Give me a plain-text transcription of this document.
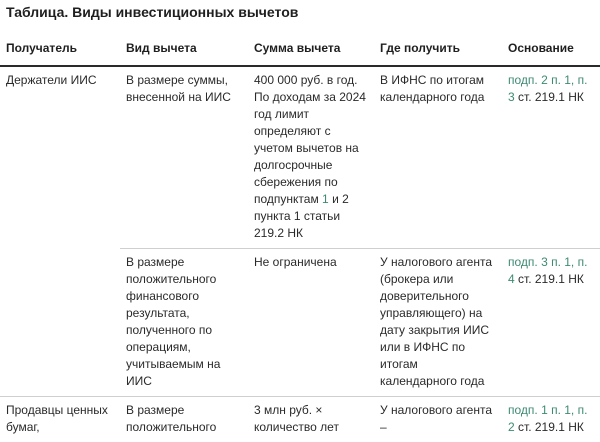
Таблица. Виды инвестиционных вычетов
Получатель	Вид вычета	Сумма вычета	Где получить	Основание
Держатели ИИС	В размере суммы, внесенной на ИИС	400 000 руб. в год. По доходам за 2024 год лимит определяют с учетом вычетов на долгосрочные сбережения по подпунктам 1 и 2 пункта 1 статьи 219.2 НК	В ИФНС по итогам календарного года	подп. 2 п. 1, п. 3 ст. 219.1 НК
	В размере положительного финансового результата, полученного по операциям, учитываемым на ИИС	Не ограничена	У налогового агента (брокера или доверительного управляющего) на дату закрытия ИИС или в ИФНС по итогам календарного года	подп. 3 п. 1, п. 4 ст. 219.1 НК
Продавцы ценных бумаг,	В размере положительного	3 млн руб. × количество лет	У налогового агента –	подп. 1 п. 1, п. 2 ст. 219.1 НК
